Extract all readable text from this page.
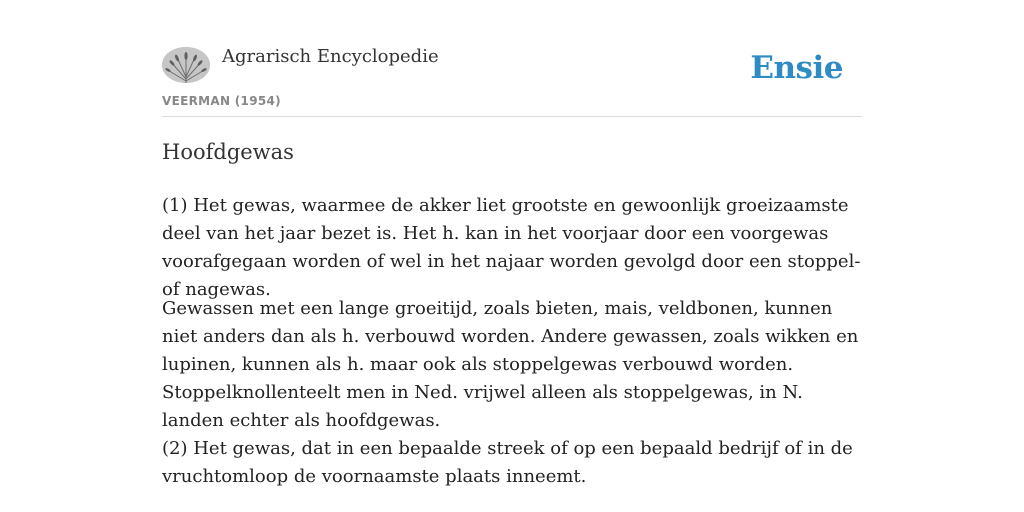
Agrarisch Encyclopedie
VEERMAN (1954)
Ensie
Hoofdgewas

(1) Het gewas, waarmee de akker liet grootste en gewoonlijk groeizaamste deel van het jaar bezet is. Het h. kan in het voorjaar door een voorgewas voorafgegaan worden of wel in het najaar worden gevolgd door een stoppel- of nagewas.

Gewassen met een lange groeitijd, zoals bieten, mais, veldbonen, kunnen niet anders dan als h. verbouwd worden. Andere gewassen, zoals wikken en lupinen, kunnen als h. maar ook als stoppelgewas verbouwd worden. Stoppelknollenteelt men in Ned. vrijwel alleen als stoppelgewas, in N. landen echter als hoofdgewas.

(2) Het gewas, dat in een bepaalde streek of op een bepaald bedrijf of in de vruchtomloop de voornaamste plaats inneemt.
